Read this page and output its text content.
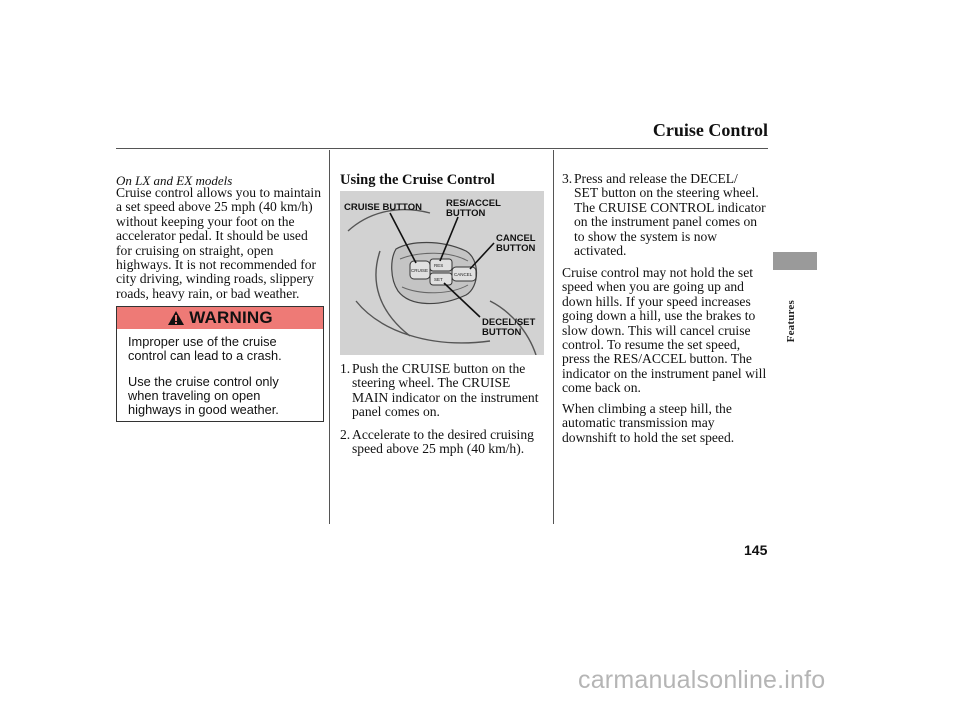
Cruise Control
Features
On LX and EX models
Cruise control allows you to maintain
a set speed above 25 mph (40 km/h)
without keeping your foot on the
accelerator pedal. It should be used
for cruising on straight, open
highways. It is not recommended for
city driving, winding roads, slippery
roads, heavy rain, or bad weather.
WARNING
Improper use of the cruise
control can lead to a crash.
Use the cruise control only
when traveling on open
highways in good weather.
Using the Cruise Control
CRUISE
RES
SET
CANCEL
CRUISE BUTTON	RES/ACCEL
BUTTON
CANCEL
BUTTON
DECEL/SET
BUTTON
1. Push the CRUISE button on the
steering wheel. The CRUISE
MAIN indicator on the instrument
panel comes on.
2. Accelerate to the desired cruising
speed above 25 mph (40 km/h).
3. Press and release the DECEL/
SET button on the steering wheel.
The CRUISE CONTROL indicator
on the instrument panel comes on
to show the system is now
activated.
Cruise control may not hold the set
speed when you are going up and
down hills. If your speed increases
going down a hill, use the brakes to
slow down. This will cancel cruise
control. To resume the set speed,
press the RES/ACCEL button. The
indicator on the instrument panel will
come back on.
When climbing a steep hill, the
automatic transmission may
downshift to hold the set speed.
145
carmanualsonline.info
